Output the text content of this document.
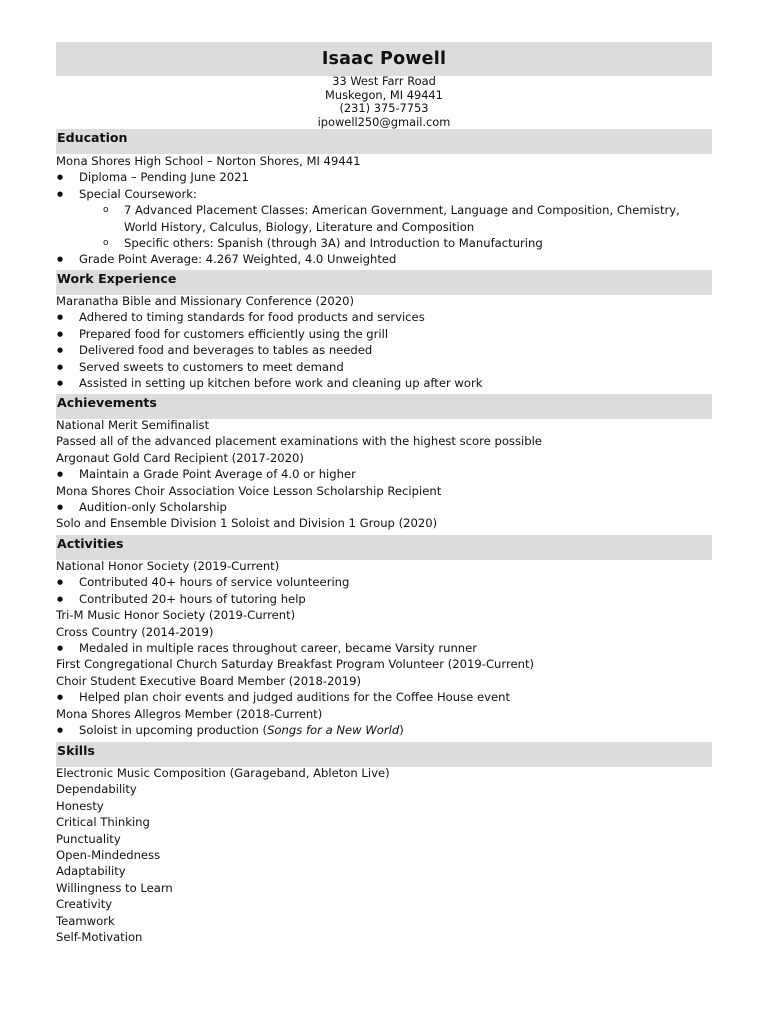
Isaac Powell
33 West Farr Road
Muskegon, MI 49441
(231) 375-7753
ipowell250@gmail.com
Education
Mona Shores High School – Norton Shores, MI 49441
● Diploma – Pending June 2021
● Special Coursework:
o 7 Advanced Placement Classes: American Government, Language and Composition, Chemistry, World History, Calculus, Biology, Literature and Composition
o Specific others: Spanish (through 3A) and Introduction to Manufacturing
● Grade Point Average: 4.267 Weighted, 4.0 Unweighted
Work Experience
Maranatha Bible and Missionary Conference (2020)
● Adhered to timing standards for food products and services
● Prepared food for customers efficiently using the grill
● Delivered food and beverages to tables as needed
● Served sweets to customers to meet demand
● Assisted in setting up kitchen before work and cleaning up after work
Achievements
National Merit Semifinalist
Passed all of the advanced placement examinations with the highest score possible
Argonaut Gold Card Recipient (2017-2020)
● Maintain a Grade Point Average of 4.0 or higher
Mona Shores Choir Association Voice Lesson Scholarship Recipient
● Audition-only Scholarship
Solo and Ensemble Division 1 Soloist and Division 1 Group (2020)
Activities
National Honor Society (2019-Current)
● Contributed 40+ hours of service volunteering
● Contributed 20+ hours of tutoring help
Tri-M Music Honor Society (2019-Current)
Cross Country (2014-2019)
● Medaled in multiple races throughout career, became Varsity runner
First Congregational Church Saturday Breakfast Program Volunteer (2019-Current)
Choir Student Executive Board Member (2018-2019)
● Helped plan choir events and judged auditions for the Coffee House event
Mona Shores Allegros Member (2018-Current)
● Soloist in upcoming production (Songs for a New World)
Skills
Electronic Music Composition (Garageband, Ableton Live)
Dependability
Honesty
Critical Thinking
Punctuality
Open-Mindedness
Adaptability
Willingness to Learn
Creativity
Teamwork
Self-Motivation
